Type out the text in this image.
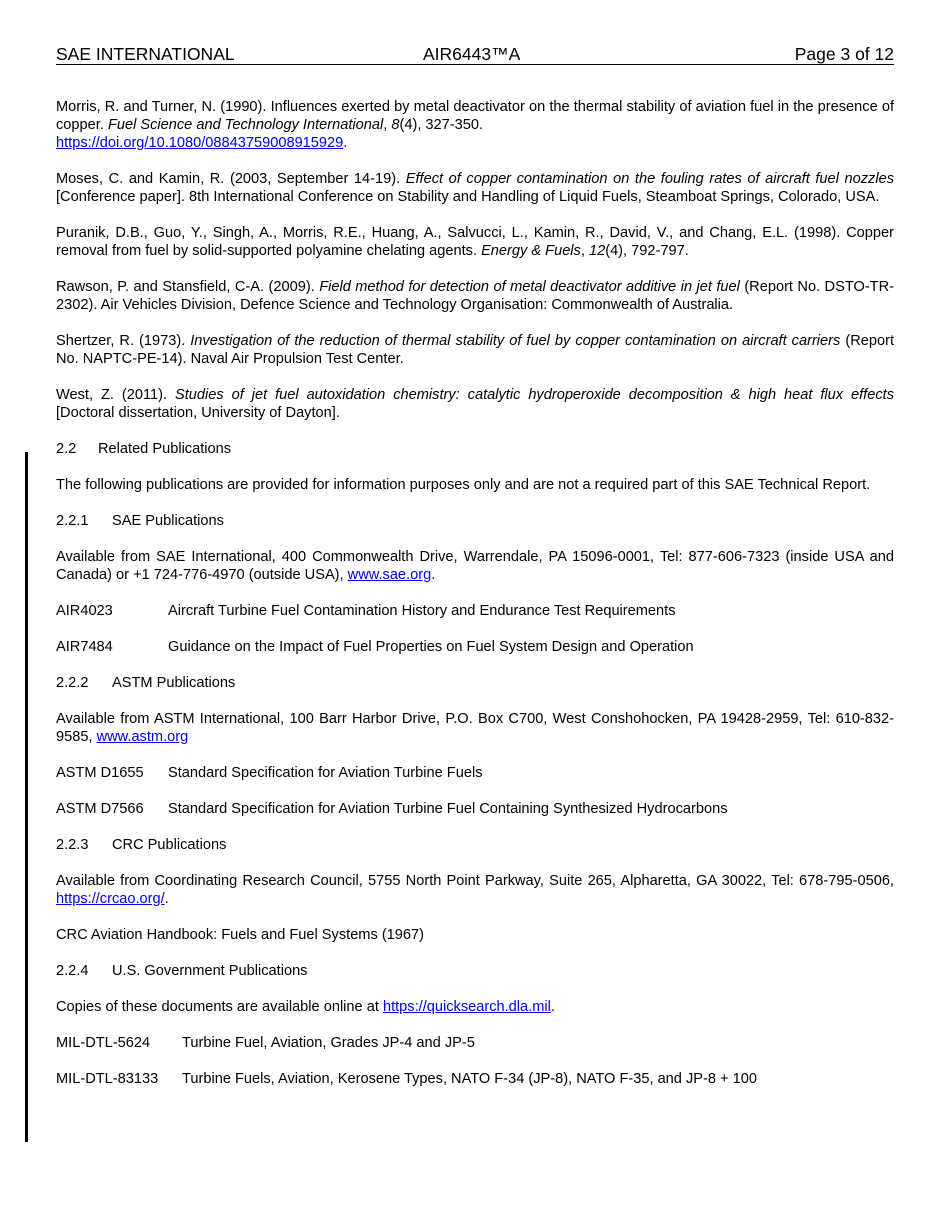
SAE INTERNATIONAL	AIR6443™A	Page 3 of 12

Morris, R. and Turner, N. (1990). Influences exerted by metal deactivator on the thermal stability of aviation fuel in the presence of copper. Fuel Science and Technology International, 8(4), 327-350.
https://doi.org/10.1080/08843759008915929.

Moses, C. and Kamin, R. (2003, September 14-19). Effect of copper contamination on the fouling rates of aircraft fuel nozzles [Conference paper]. 8th International Conference on Stability and Handling of Liquid Fuels, Steamboat Springs, Colorado, USA.

Puranik, D.B., Guo, Y., Singh, A., Morris, R.E., Huang, A., Salvucci, L., Kamin, R., David, V., and Chang, E.L. (1998). Copper removal from fuel by solid-supported polyamine chelating agents. Energy & Fuels, 12(4), 792-797.

Rawson, P. and Stansfield, C-A. (2009). Field method for detection of metal deactivator additive in jet fuel (Report No. DSTO-TR-2302). Air Vehicles Division, Defence Science and Technology Organisation: Commonwealth of Australia.

Shertzer, R. (1973). Investigation of the reduction of thermal stability of fuel by copper contamination on aircraft carriers (Report No. NAPTC-PE-14). Naval Air Propulsion Test Center.

West, Z. (2011). Studies of jet fuel autoxidation chemistry: catalytic hydroperoxide decomposition & high heat flux effects [Doctoral dissertation, University of Dayton].

2.2 Related Publications

The following publications are provided for information purposes only and are not a required part of this SAE Technical Report.

2.2.1 SAE Publications

Available from SAE International, 400 Commonwealth Drive, Warrendale, PA 15096-0001, Tel: 877-606-7323 (inside USA and Canada) or +1 724-776-4970 (outside USA), www.sae.org.

AIR4023	Aircraft Turbine Fuel Contamination History and Endurance Test Requirements
AIR7484	Guidance on the Impact of Fuel Properties on Fuel System Design and Operation
2.2.2 ASTM Publications

Available from ASTM International, 100 Barr Harbor Drive, P.O. Box C700, West Conshohocken, PA 19428-2959, Tel: 610-832-9585, www.astm.org

ASTM D1655 Standard Specification for Aviation Turbine Fuels
ASTM D7566 Standard Specification for Aviation Turbine Fuel Containing Synthesized Hydrocarbons
2.2.3 CRC Publications

Available from Coordinating Research Council, 5755 North Point Parkway, Suite 265, Alpharetta, GA 30022, Tel: 678-795-0506, https://crcao.org/.

CRC Aviation Handbook: Fuels and Fuel Systems (1967)
2.2.4 U.S. Government Publications

Copies of these documents are available online at https://quicksearch.dla.mil.

MIL-DTL-5624 Turbine Fuel, Aviation, Grades JP-4 and JP-5
MIL-DTL-83133 Turbine Fuels, Aviation, Kerosene Types, NATO F-34 (JP-8), NATO F-35, and JP-8 + 100
